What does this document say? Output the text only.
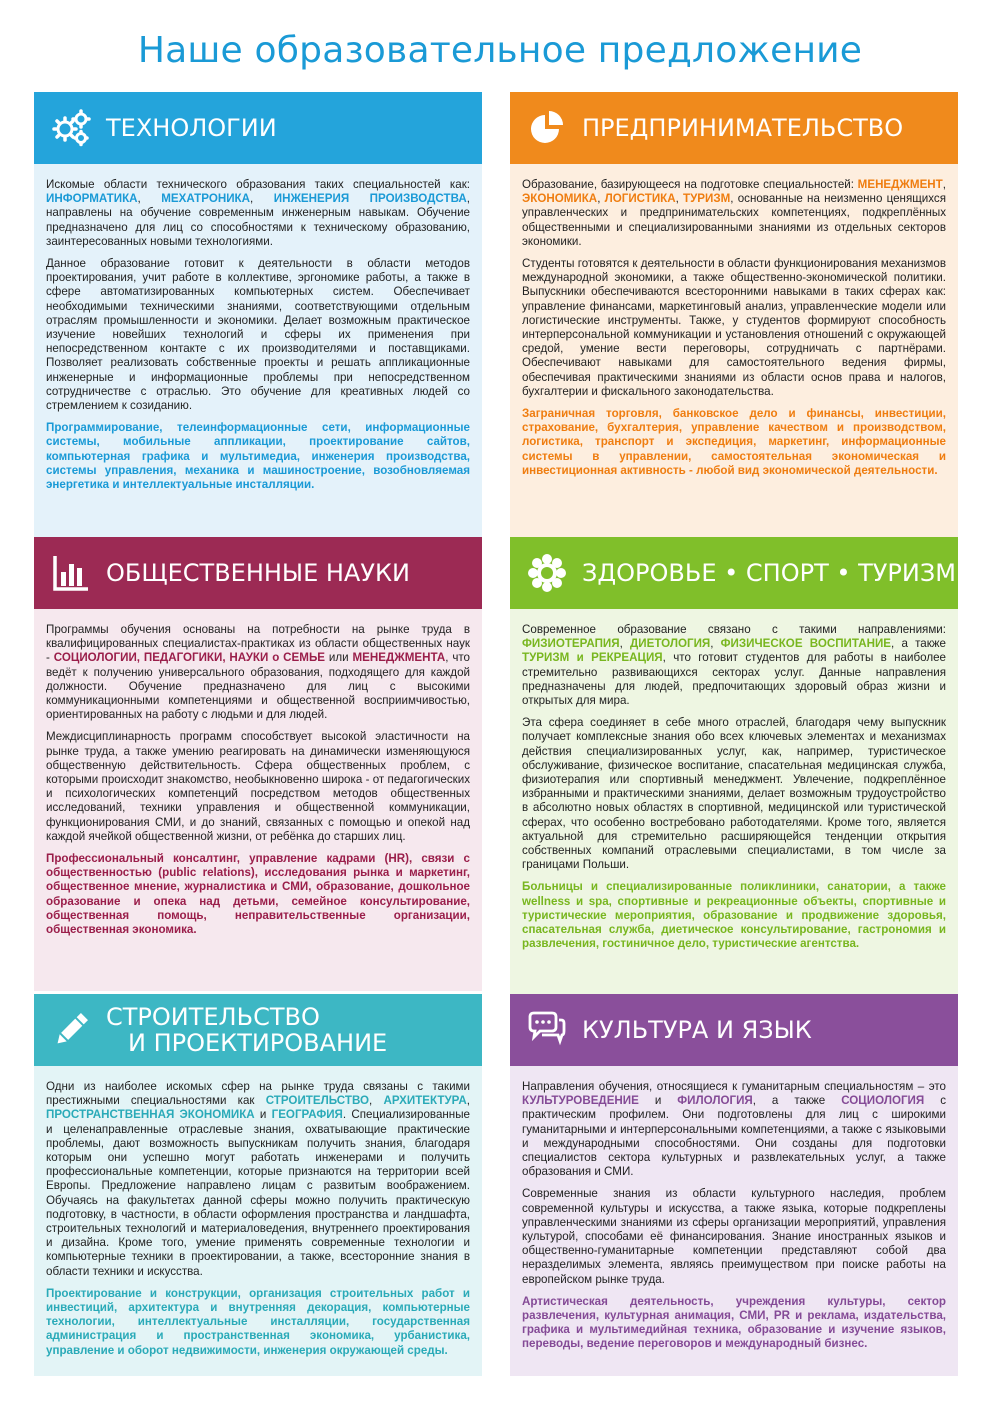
Наше образовательное предложение
ТЕХНОЛОГИИ

Искомые области технического образования таких специальностей как: ИНФОРМАТИКА, МЕХАТРОНИКА, ИНЖЕНЕРИЯ ПРОИЗВОДСТВА, направлены на обучение современным инженерным навыкам. Обучение предназначено для лиц со способностями к техническому образованию, заинтересованных новыми технологиями.

Данное образование готовит к деятельности в области методов проектирования, учит работе в коллективе, эргономике работы, а также в сфере автоматизированных компьютерных систем. Обеспечивает необходимыми техническими знаниями, соответствующими отдельным отраслям промышленности и экономики. Делает возможным практическое изучение новейших технологий и сферы их применения при непосредственном контакте с их производителями и поставщиками. Позволяет реализовать собственные проекты и решать аппликационные инженерные и информационные проблемы при непосредственном сотрудничестве с отраслью. Это обучение для креативных людей со стремлением к созиданию.

Программирование, телеинформационные сети, информационные системы, мобильные аппликации, проектирование сайтов, компьютерная графика и мультимедиа, инженерия производства, системы управления, механика и машиностроение, возобновляемая энергетика и интеллектуальные инсталляции.

ПРЕДПРИНИМАТЕЛЬСТВО

Образование, базирующееся на подготовке специальностей: МЕНЕДЖМЕНТ, ЭКОНОМИКА, ЛОГИСТИКА, ТУРИЗМ, основанные на неизменно ценящихся управленческих и предпринимательских компетенциях, подкреплённых общественными и специализированными знаниями из отдельных секторов экономики.

Студенты готовятся к деятельности в области функционирования механизмов международной экономики, а также общественно-экономической политики. Выпускники обеспечиваются всесторонними навыками в таких сферах как: управление финансами, маркетинговый анализ, управленческие модели или логистические инструменты. Также, у студентов формируют способность интерперсональной коммуникации и установления отношений с окружающей средой, умение вести переговоры, сотрудничать с партнёрами. Обеспечивают навыками для самостоятельного ведения фирмы, обеспечивая практическими знаниями из области основ права и налогов, бухгалтерии и фискального законодательства.

Заграничная торговля, банковское дело и финансы, инвестиции, страхование, бухгалтерия, управление качеством и производством, логистика, транспорт и экспедиция, маркетинг, информационные системы в управлении, самостоятельная экономическая и инвестиционная активность - любой вид экономической деятельности.

ОБЩЕСТВЕННЫЕ НАУКИ

Программы обучения основаны на потребности на рынке труда в квалифицированных специалистах-практиках из области общественных наук - СОЦИОЛОГИИ, ПЕДАГОГИКИ, НАУКИ о СЕМЬЕ или МЕНЕДЖМЕНТА, что ведёт к получению универсального образования, подходящего для каждой должности. Обучение предназначено для лиц с высокими коммуникационными компетенциями и общественной восприимчивостью, ориентированных на работу с людьми и для людей.

Междисциплинарность программ способствует высокой эластичности на рынке труда, а также умению реагировать на динамически изменяющуюся общественную действительность. Сфера общественных проблем, с которыми происходит знакомство, необыкновенно широка - от педагогических и психологических компетенций посредством методов общественных исследований, техники управления и общественной коммуникации, функционирования СМИ, и до знаний, связанных с помощью и опекой над каждой ячейкой общественной жизни, от ребёнка до старших лиц.

Профессиональный консалтинг, управление кадрами (HR), связи с общественностью (public relations), исследования рынка и маркетинг, общественное мнение, журналистика и СМИ, образование, дошкольное образование и опека над детьми, семейное консультирование, общественная помощь, неправительственные организации, общественная экономика.

ЗДОРОВЬЕ • СПОРТ • ТУРИЗМ

Современное образование связано с такими направлениями: ФИЗИОТЕРАПИЯ, ДИЕТОЛОГИЯ, ФИЗИЧЕСКОЕ ВОСПИТАНИЕ, а также ТУРИЗМ и РЕКРЕАЦИЯ, что готовит студентов для работы в наиболее стремительно развивающихся секторах услуг. Данные направления предназначены для людей, предпочитающих здоровый образ жизни и открытых для мира.

Эта сфера соединяет в себе много отраслей, благодаря чему выпускник получает комплексные знания обо всех ключевых элементах и механизмах действия специализированных услуг, как, например, туристическое обслуживание, физическое воспитание, спасательная медицинская служба, физиотерапия или спортивный менеджмент. Увлечение, подкреплённое избранными и практическими знаниями, делает возможным трудоустройство в абсолютно новых областях в спортивной, медицинской или туристической сферах, что особенно востребовано работодателями. Кроме того, является актуальной для стремительно расширяющейся тенденции открытия собственных компаний отраслевыми специалистами, в том числе за границами Польши.

Больницы и специализированные поликлиники, санатории, а также wellness и spa, спортивные и рекреационные объекты, спортивные и туристические мероприятия, образование и продвижение здоровья, спасательная служба, диетическое консультирование, гастрономия и развлечения, гостиничное дело, туристические агентства.

СТРОИТЕЛЬСТВО
И ПРОЕКТИРОВАНИЕ

Одни из наиболее искомых сфер на рынке труда связаны с такими престижными специальностями как СТРОИТЕЛЬСТВО, АРХИТЕКТУРА, ПРОСТРАНСТВЕННАЯ ЭКОНОМИКА и ГЕОГРАФИЯ. Специализированные и целенаправленные отраслевые знания, охватывающие практические проблемы, дают возможность выпускникам получить знания, благодаря которым они успешно могут работать инженерами и получить профессиональные компетенции, которые признаются на территории всей Европы. Предложение направлено лицам с развитым воображением. Обучаясь на факультетах данной сферы можно получить практическую подготовку, в частности, в области оформления пространства и ландшафта, строительных технологий и материаловедения, внутреннего проектирования и дизайна. Кроме того, умение применять современные технологии и компьютерные техники в проектировании, а также, всесторонние знания в области техники и искусства.

Проектирование и конструкции, организация строительных работ и инвестиций, архитектура и внутренняя декорация, компьютерные технологии, интеллектуальные инсталляции, государственная администрация и пространственная экономика, урбанистика, управление и оборот недвижимости, инженерия окружающей среды.

КУЛЬТУРА И ЯЗЫК

Направления обучения, относящиеся к гуманитарным специальностям – это КУЛЬТУРОВЕДЕНИЕ и ФИЛОЛОГИЯ, а также СОЦИОЛОГИЯ с практическим профилем. Они подготовлены для лиц с широкими гуманитарными и интерперсональными компетенциями, а также с языковыми и международными способностями. Они созданы для подготовки специалистов сектора культурных и развлекательных услуг, а также образования и СМИ.

Современные знания из области культурного наследия, проблем современной культуры и искусства, а также языка, которые подкреплены управленческими знаниями из сферы организации мероприятий, управления культурой, способами её финансирования. Знание иностранных языков и общественно-гуманитарные компетенции представляют собой два неразделимых элемента, являясь преимуществом при поиске работы на европейском рынке труда.

Артистическая деятельность, учреждения культуры, сектор развлечения, культурная анимация, СМИ, PR и реклама, издательства, графика и мультимедийная техника, образование и изучение языков, переводы, ведение переговоров и международный бизнес.
